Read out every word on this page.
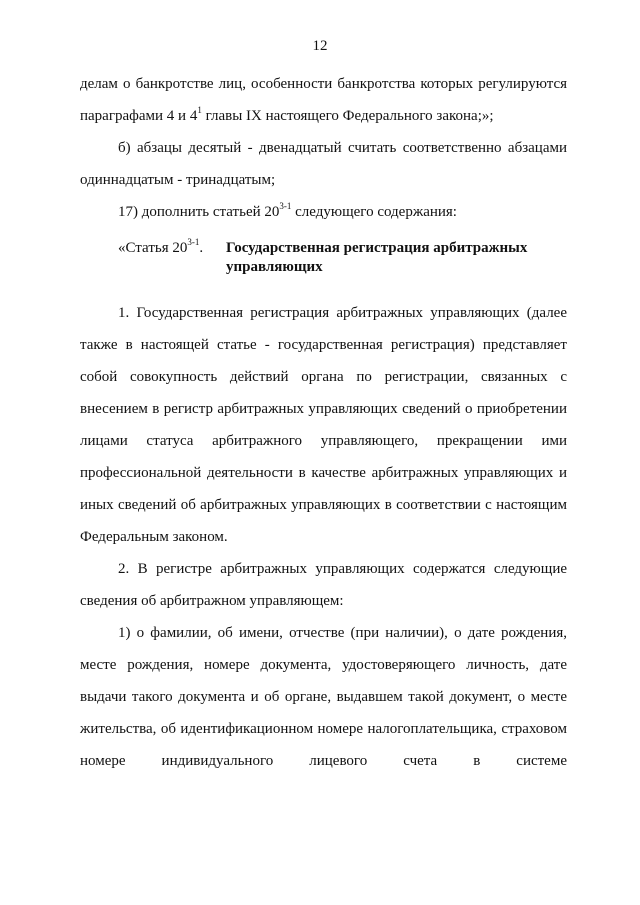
12

делам о банкротстве лиц, особенности банкротства которых регулируются

параграфами 4 и $4^1$ главы IX настоящего Федерального закона;»;

б) абзацы десятый - двенадцатый считать соответственно абзацами одиннадцатым - тринадцатым;

17) дополнить статьей 20$^{3-1}$ следующего содержания:

«Статья 20$^{3-1}$.	Государственная регистрация арбитражных управляющих

1. Государственная регистрация арбитражных управляющих (далее также в настоящей статье - государственная регистрация) представляет собой совокупность действий органа по регистрации, связанных с внесением в регистр арбитражных управляющих сведений о приобретении лицами статуса арбитражного управляющего, прекращении ими профессиональной деятельности в качестве арбитражных управляющих и иных сведений об арбитражных управляющих в соответствии с настоящим Федеральным законом.

2. В регистре арбитражных управляющих содержатся следующие сведения об арбитражном управляющем:

1) о фамилии, об имени, отчестве (при наличии), о дате рождения, месте рождения, номере документа, удостоверяющего личность, дате выдачи такого документа и об органе, выдавшем такой документ, о месте жительства, об идентификационном номере налогоплательщика, страховом номере индивидуального лицевого счета в системе
